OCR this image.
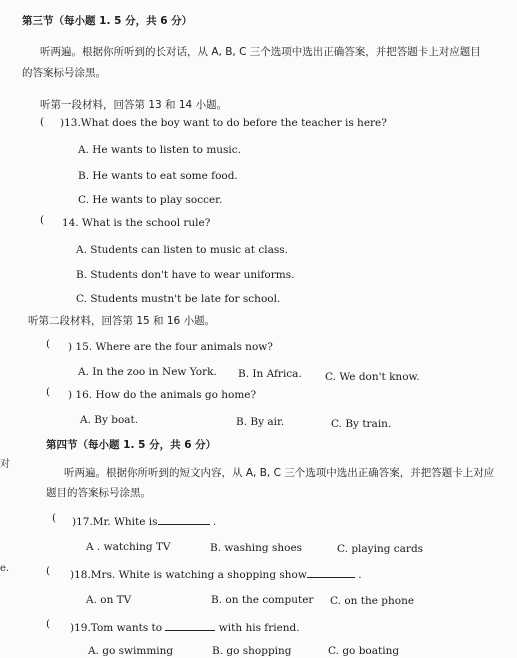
第三节（每小题 1. 5 分，共 6 分）
听两遍。根据你所听到的长对话，从 A, B, C 三个选项中选出正确答案，并把答题卡上对应题目
的答案标号涂黑。
听第一段材料，回答第 13 和 14 小题。
( )13.What does the boy want to do before the teacher is here?
A. He wants to listen to music.
B. He wants to eat some food.
C. He wants to play soccer.
( 14. What is the school rule?
A. Students can listen to music at class.
B. Students don't have to wear uniforms.
C. Students mustn't be late for school.
听第二段材料，回答第 15 和 16 小题。
( ) 15. Where are the four animals now?
A. In the zoo in New York. B. In Africa. C. We don't know.
( ) 16. How do the animals go home?
A. By boat.	B. By air.	C. By train.
第四节（每小题 1. 5 分，共 6 分）
听两遍。根据你所听到的短文内容，从 A, B, C 三个选项中选出正确答案，并把答题卡上对应
题目的答案标号涂黑。
( )17.Mr. White is	.
A . watching TV	B. washing shoes	C. playing cards
( )18.Mrs. White is watching a shopping show	.
A. on TV	B. on the computer C. on the phone
( )19.Tom wants to	with his friend.
A. go swimming	B. go shopping	C. go boating
对
e.
